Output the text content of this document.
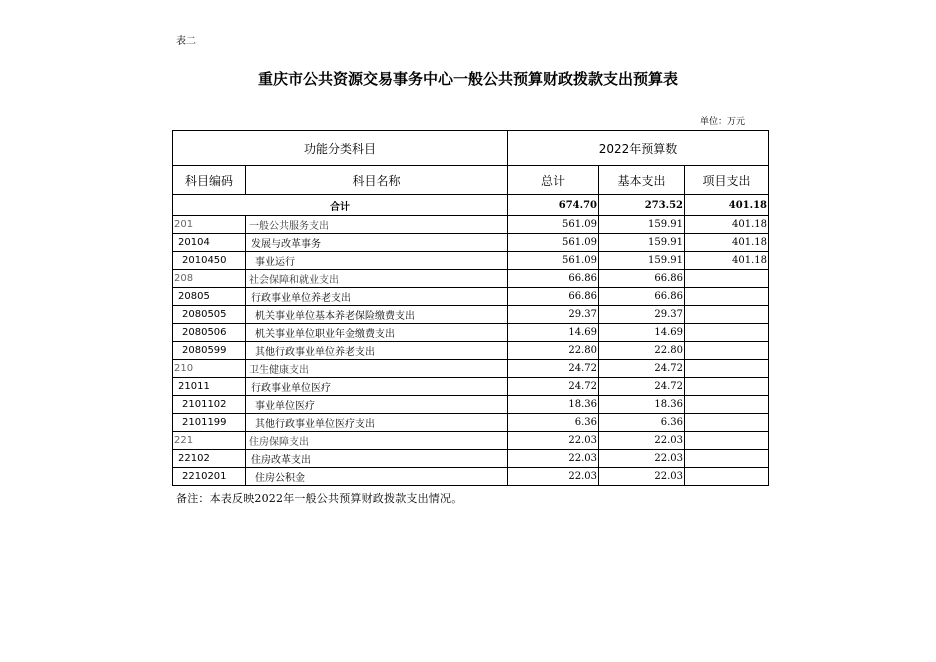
表二
重庆市公共资源交易事务中心一般公共预算财政拨款支出预算表
单位：万元
功能分类科目		2022年预算数		
科目编码	科目名称	总计	基本支出	项目支出
合计		674.70	273.52	401.18
201	一般公共服务支出	561.09	159.91	401.18
20104	发展与改革事务	561.09	159.91	401.18
2010450	事业运行	561.09	159.91	401.18
208	社会保障和就业支出	66.86	66.86	
20805	行政事业单位养老支出	66.86	66.86	
2080505	机关事业单位基本养老保险缴费支出	29.37	29.37	
2080506	机关事业单位职业年金缴费支出	14.69	14.69	
2080599	其他行政事业单位养老支出	22.80	22.80	
210	卫生健康支出	24.72	24.72	
21011	行政事业单位医疗	24.72	24.72	
2101102	事业单位医疗	18.36	18.36	
2101199	其他行政事业单位医疗支出	6.36	6.36	
221	住房保障支出	22.03	22.03	
22102	住房改革支出	22.03	22.03	
2210201	住房公积金	22.03	22.03	
备注：本表反映2022年一般公共预算财政拨款支出情况。
